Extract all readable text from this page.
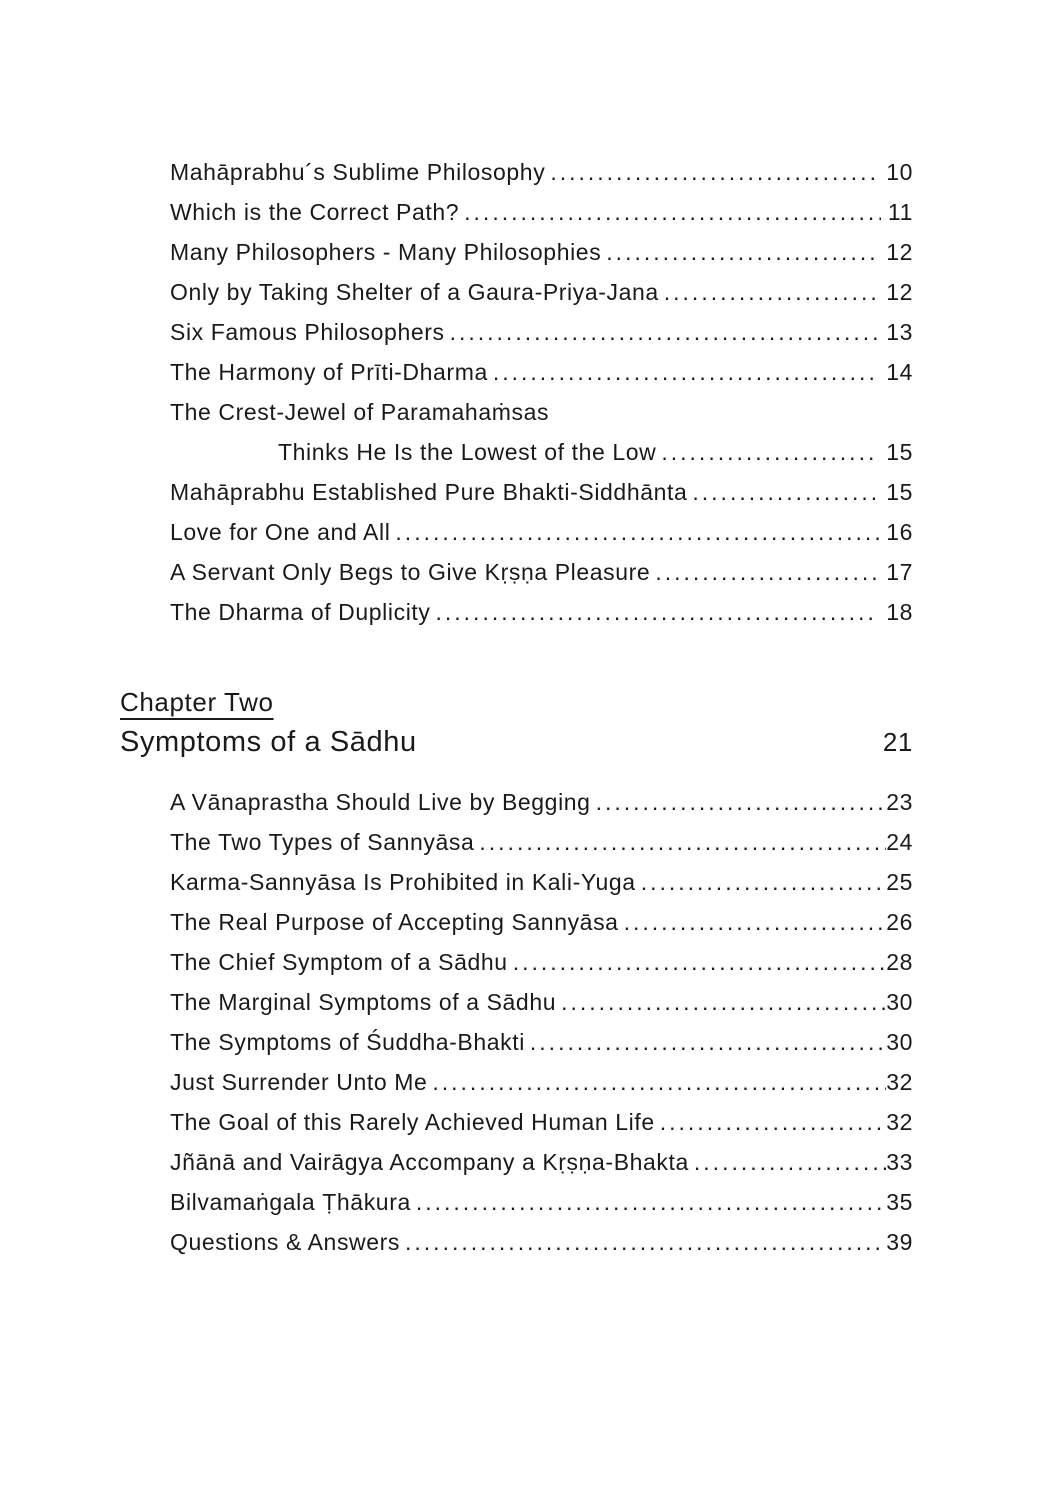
Mahāprabhu´s Sublime Philosophy .....	10
Which is the Correct Path? .....	11
Many Philosophers - Many Philosophies .....	12
Only by Taking Shelter of a Gaura-Priya-Jana .....	12
Six Famous Philosophers .....	13
The Harmony of Prīti-Dharma .....	14
The Crest-Jewel of Paramahaṁsas
Thinks He Is the Lowest of the Low .....	15
Mahāprabhu Established Pure Bhakti-Siddhānta .....	15
Love for One and All .....	16
A Servant Only Begs to Give Kṛṣṇa Pleasure .....	17
The Dharma of Duplicity .....	18
Chapter Two
Symptoms of a Sādhu	21
A Vānaprastha Should Live by Begging .....	23
The Two Types of Sannyāsa .....	24
Karma-Sannyāsa Is Prohibited in Kali-Yuga .....	25
The Real Purpose of Accepting Sannyāsa .....	26
The Chief Symptom of a Sādhu .....	28
The Marginal Symptoms of a Sādhu .....	30
The Symptoms of Śuddha-Bhakti .....	30
Just Surrender Unto Me .....	32
The Goal of this Rarely Achieved Human Life .....	32
Jñānā and Vairāgya Accompany a Kṛṣṇa-Bhakta .....	33
Bilvamaṅgala Ṭhākura .....	35
Questions & Answers .....	39
